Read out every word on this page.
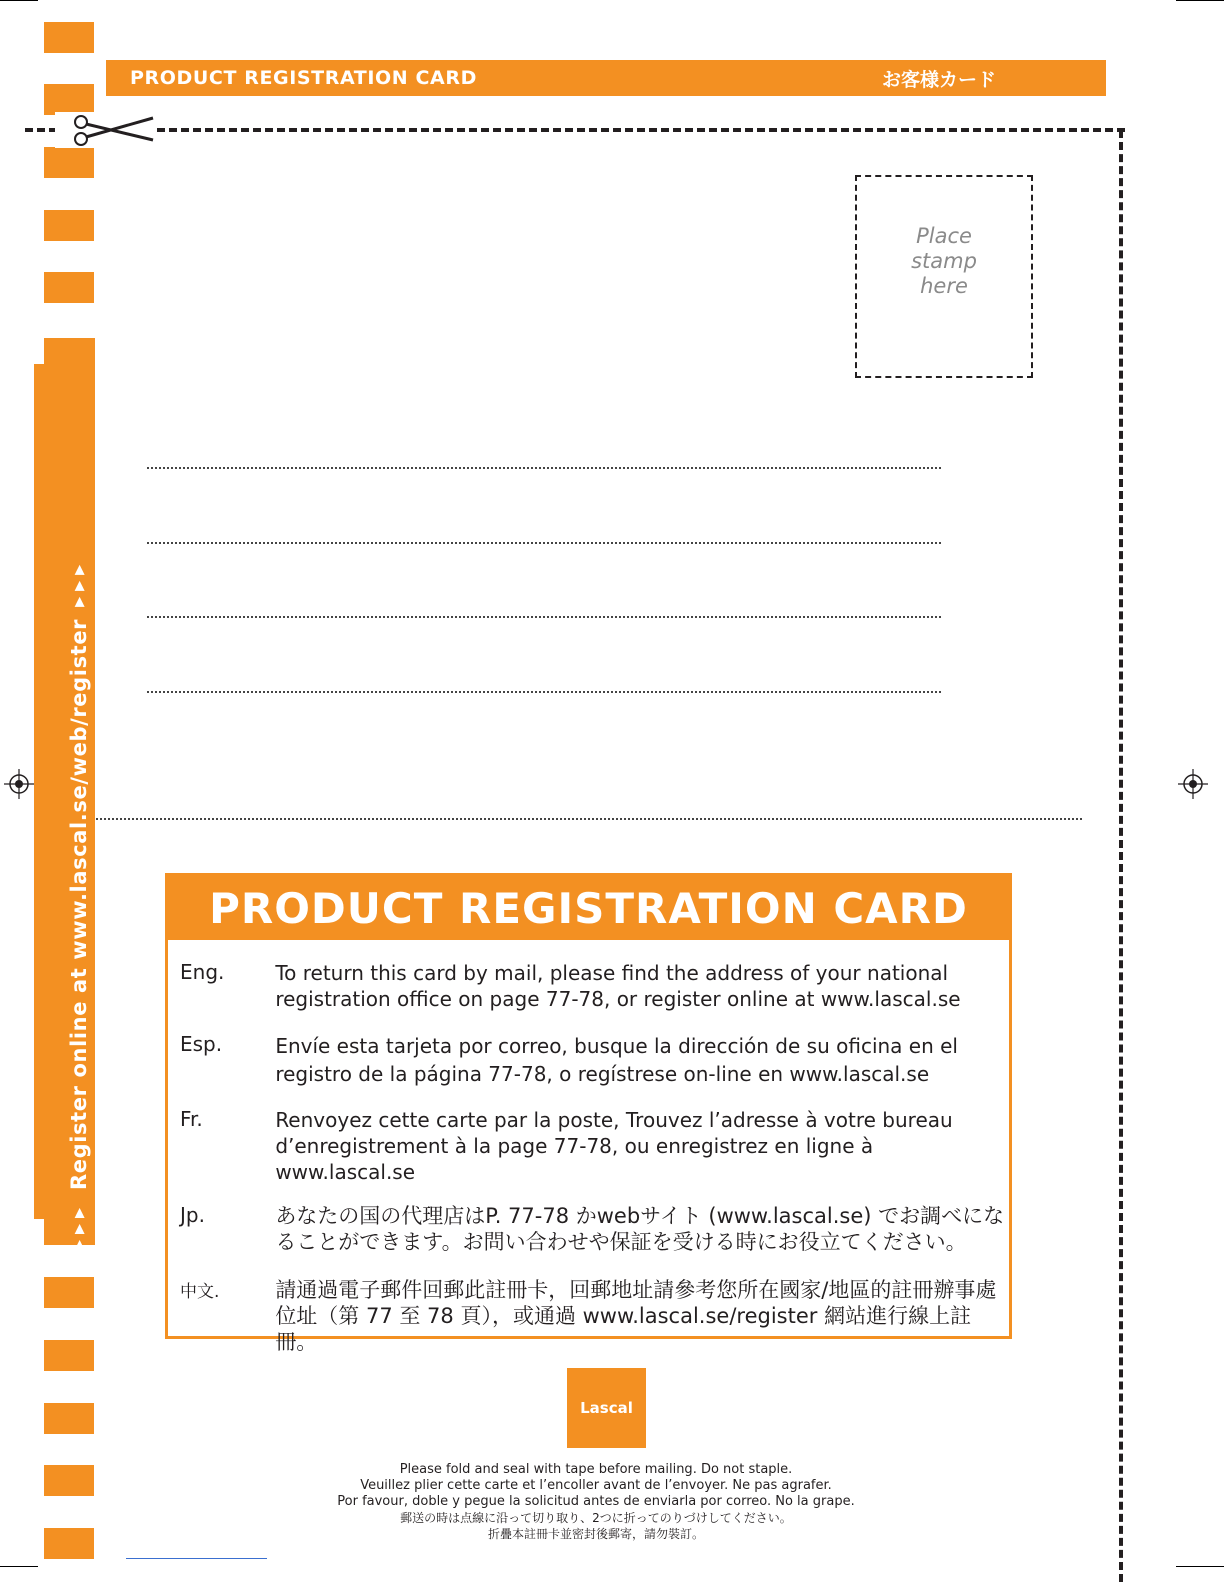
▶▶▶
Register online at www.lascal.se/web/register
▶▶▶
PRODUCT REGISTRATION CARD	お客様カード
Place
stamp
here
PRODUCT REGISTRATION CARD
Eng.	To return this card by mail, please find the address of your national registration office on page 77-78, or register online at www.lascal.se
Esp.	Envíe esta tarjeta por correo, busque la dirección de su oficina en el registro de la página 77-78, o regístrese on-line en www.lascal.se
Fr.	Renvoyez cette carte par la poste, Trouvez l’adresse à votre bureau d’enregistrement à la page 77-78, ou enregistrez en ligne à www.lascal.se
Jp.	あなたの国の代理店はP. 77-78 かwebサイト (www.lascal.se) でお調べになることができます。お問い合わせや保証を受ける時にお役立てください。
中文.	請通過電子郵件回郵此註冊卡，回郵地址請參考您所在國家/地區的註冊辦事處位址（第 77 至 78 頁），或通過 www.lascal.se/register 網站進行線上註冊。
Lascal
Please fold and seal with tape before mailing. Do not staple.
Veuillez plier cette carte et l’encoller avant de l’envoyer. Ne pas agrafer.
Por favour, doble y pegue la solicitud antes de enviarla por correo. No la grape.
郵送の時は点線に沿って切り取り、2つに折ってのりづけしてください。
折疊本註冊卡並密封後郵寄，請勿裝訂。
